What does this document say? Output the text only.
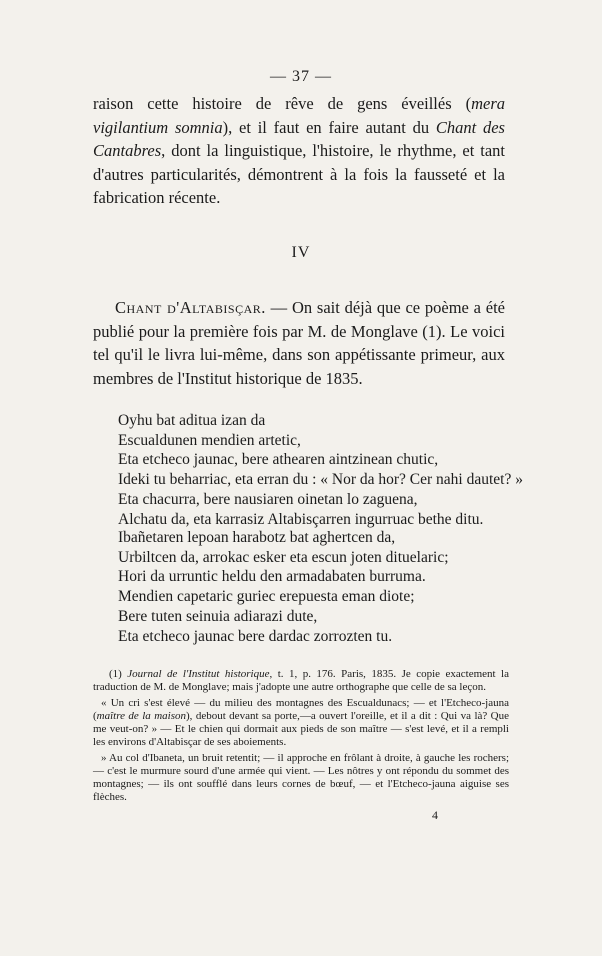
— 37 —

raison cette histoire de rêve de gens éveillés (mera vigilantium somnia), et il faut en faire autant du Chant des Cantabres, dont la linguistique, l'histoire, le rhythme, et tant d'autres particularités, démontrent à la fois la fausseté et la fabrication récente.

IV

Chant d'Altabisçar. — On sait déjà que ce poème a été publié pour la première fois par M. de Monglave (1). Le voici tel qu'il le livra lui-même, dans son appétissante primeur, aux membres de l'Institut historique de 1835.

Oyhu bat aditua izan da
Escualdunen mendien artetic,
Eta etcheco jaunac, bere athearen aintzinean chutic,
Ideki tu beharriac, eta erran du : « Nor da hor? Cer nahi dautet? »
Eta chacurra, bere nausiaren oinetan lo zaguena,
Alchatu da, eta karrasiz Altabisçarren ingurruac bethe ditu.
Ibañetaren lepoan harabotz bat aghertcen da,
Urbiltcen da, arrokac esker eta escun joten dituelaric;
Hori da urruntic heldu den armadabaten burruma.
Mendien capetaric guriec erepuesta eman diote;
Bere tuten seinuia adiarazi dute,
Eta etcheco jaunac bere dardac zorrozten tu.

(1) Journal de l'Institut historique, t. 1, p. 176. Paris, 1835. Je copie exactement la traduction de M. de Monglave; mais j'adopte une autre orthographe que celle de sa leçon.

« Un cri s'est élevé — du milieu des montagnes des Escualdunacs; — et l'Etcheco-jauna (maître de la maison), debout devant sa porte,—a ouvert l'oreille, et il a dit : Qui va là? Que me veut-on? » — Et le chien qui dormait aux pieds de son maître — s'est levé, et il a rempli les environs d'Altabisçar de ses aboiements.

» Au col d'Ibaneta, un bruit retentit; — il approche en frôlant à droite, à gauche les rochers; — c'est le murmure sourd d'une armée qui vient. — Les nôtres y ont répondu du sommet des montagnes; — ils ont soufflé dans leurs cornes de bœuf, — et l'Etcheco-jauna aiguise ses flèches.

4
